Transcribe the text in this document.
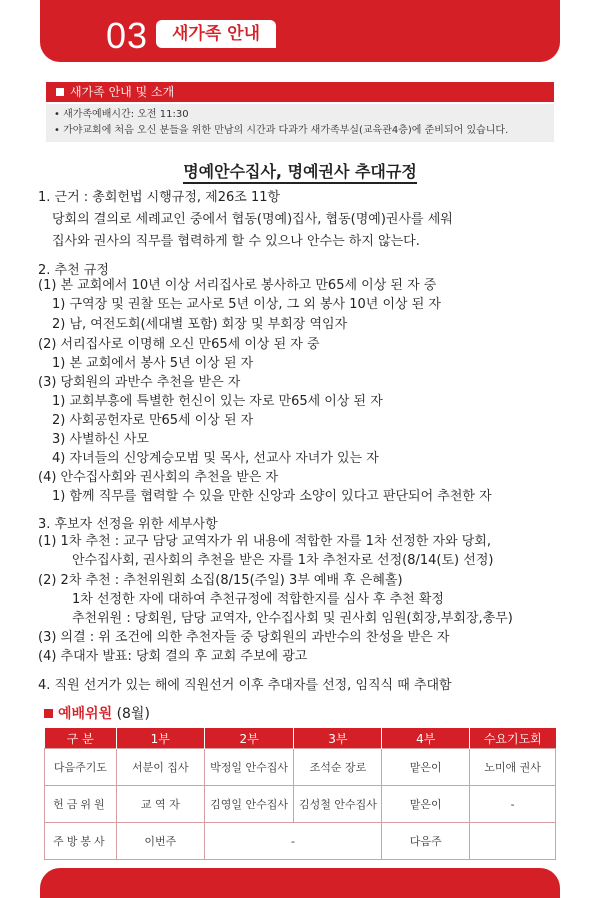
03	새가족 안내
새가족 안내 및 소개
• 새가족예배시간: 오전 11:30
• 가야교회에 처음 오신 분들을 위한 만남의 시간과 다과가 새가족부실(교육관4층)에 준비되어 있습니다.
명예안수집사, 명예권사 추대규정
1. 근거 : 총회헌법 시행규정, 제26조 11항
당회의 결의로 세례교인 중에서 협동(명예)집사, 협동(명예)권사를 세워
집사와 권사의 직무를 협력하게 할 수 있으나 안수는 하지 않는다.
2. 추천 규정
(1) 본 교회에서 10년 이상 서리집사로 봉사하고 만65세 이상 된 자 중
1) 구역장 및 권찰 또는 교사로 5년 이상, 그 외 봉사 10년 이상 된 자
2) 남, 여전도회(세대별 포함) 회장 및 부회장 역임자
(2) 서리집사로 이명해 오신 만65세 이상 된 자 중
1) 본 교회에서 봉사 5년 이상 된 자
(3) 당회원의 과반수 추천을 받은 자
1) 교회부흥에 특별한 헌신이 있는 자로 만65세 이상 된 자
2) 사회공헌자로 만65세 이상 된 자
3) 사별하신 사모
4) 자녀들의 신앙계승모범 및 목사, 선교사 자녀가 있는 자
(4) 안수집사회와 권사회의 추천을 받은 자
1) 함께 직무를 협력할 수 있을 만한 신앙과 소양이 있다고 판단되어 추천한 자
3. 후보자 선정을 위한 세부사항
(1) 1차 추천 : 교구 담당 교역자가 위 내용에 적합한 자를 1차 선정한 자와 당회,
안수집사회, 권사회의 추천을 받은 자를 1차 추천자로 선정(8/14(토) 선정)
(2) 2차 추천 : 추천위원회 소집(8/15(주일) 3부 예배 후 은혜홀)
1차 선정한 자에 대하여 추천규정에 적합한지를 심사 후 추천 확정
추천위원 : 당회원, 담당 교역자, 안수집사회 및 권사회 임원(회장,부회장,총무)
(3) 의결 : 위 조건에 의한 추천자들 중 당회원의 과반수의 찬성을 받은 자
(4) 추대자 발표: 당회 결의 후 교회 주보에 광고
4. 직원 선거가 있는 해에 직원선거 이후 추대자를 선정, 임직식 때 추대함
예배위원 (8월)
구 분	1부	2부	3부	4부	수요기도회
다음주기도	서분이 집사	박정일 안수집사	조석순 장로	맡은이	노미애 권사
헌금위원	교 역 자	김영일 안수집사	김성철 안수집사	맡은이	-
주방봉사	이번주	-		다음주	
